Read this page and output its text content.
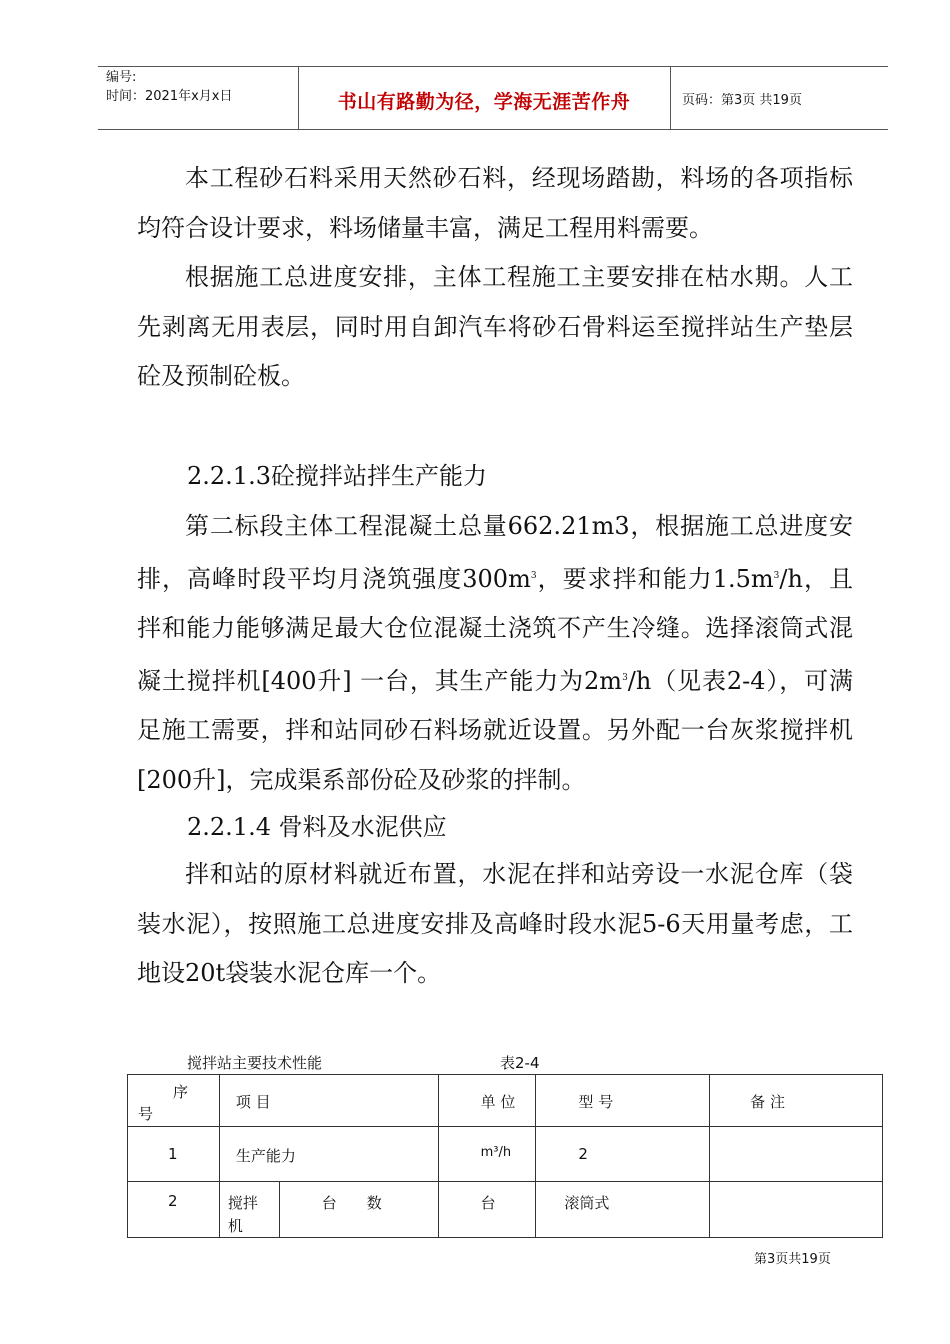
编号:
时间：2021年x月x日	书山有路勤为径，学海无涯苦作舟	页码：第3页 共19页
本工程砂石料采用天然砂石料，经现场踏勘，料场的各项指标均符合设计要求，料场储量丰富，满足工程用料需要。
根据施工总进度安排，主体工程施工主要安排在枯水期。人工先剥离无用表层，同时用自卸汽车将砂石骨料运至搅拌站生产垫层砼及预制砼板。
2.2.1.3砼搅拌站拌生产能力
第二标段主体工程混凝土总量662.21m3，根据施工总进度安排，高峰时段平均月浇筑强度$300m^3$，要求拌和能力$1.5m^3/h$，且拌和能力能够满足最大仓位混凝土浇筑不产生冷缝。选择滚筒式混凝土搅拌机[400升] 一台，其生产能力为$2m^3/h$（见表2-4），可满足施工需要，拌和站同砂石料场就近设置。另外配一台灰浆搅拌机[200升]，完成渠系部份砼及砂浆的拌制。
2.2.1.4 骨料及水泥供应
拌和站的原材料就近布置，水泥在拌和站旁设一水泥仓库（袋装水泥），按照施工总进度安排及高峰时段水泥5-6天用量考虑，工地设20t袋装水泥仓库一个。
搅拌站主要技术性能	表2-4
序
号	项 目		单 位	型 号	备 注

1	生产能力		m³/h	2	

2	搅拌
机	台　　数	台	滚筒式	

第3页共19页
